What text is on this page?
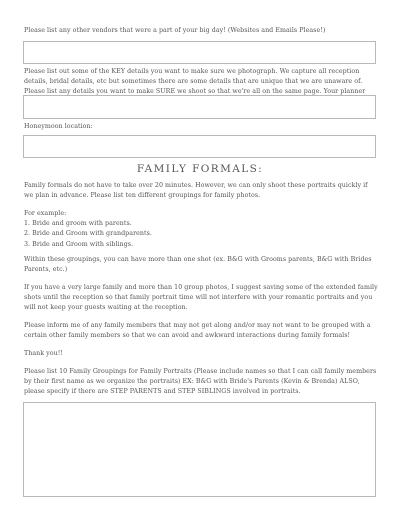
Please list any other vendors that were a part of your big day! (Websites and Emails Please!)
Please list out some of the KEY details you want to make sure we photograph. We capture all reception details, bridal details, etc but sometimes there are some details that are unique that we are unaware of. Please list any details you want to make SURE we shoot so that we're all on the same page. Your planner
Honeymoon location:
FAMILY FORMALS:
Family formals do not have to take over 20 minutes. However, we can only shoot these portraits quickly if we plan in advance. Please list ten different groupings for family photos.
For example:
1. Bride and groom with parents.
2. Bride and Groom with grandparents.
3. Bride and Groom with siblings.
Within these groupings, you can have more than one shot (ex. B&G with Grooms parents, B&G with Brides Parents, etc.)
If you have a very large family and more than 10 group photos, I suggest saving some of the extended family shots until the reception so that family portrait time will not interfere with your romantic portraits and you will not keep your guests waiting at the reception.
Please inform me of any family members that may not get along and/or may not want to be grouped with a certain other family members so that we can avoid and awkward interactions during family formals!
Thank you!!
Please list 10 Family Groupings for Family Portraits (Please include names so that I can call family members by their first name as we organize the portraits) EX: B&G with Bride's Parents (Kevin & Brenda) ALSO, please specify if there are STEP PARENTS and STEP SIBLINGS involved in portraits.
